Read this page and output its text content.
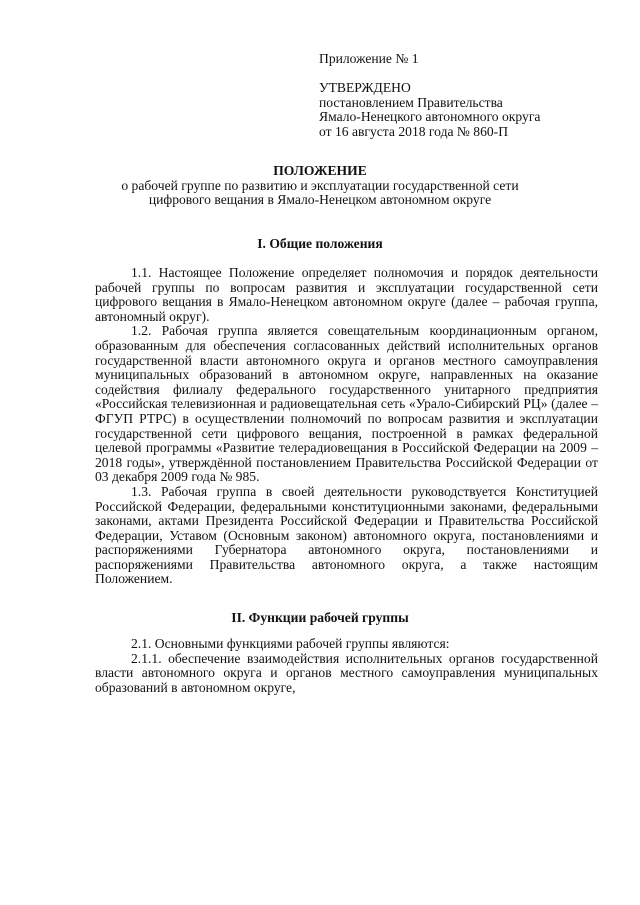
Приложение № 1
УТВЕРЖДЕНО
постановлением Правительства
Ямало-Ненецкого автономного округа
от 16 августа 2018 года № 860-П
ПОЛОЖЕНИЕ
о рабочей группе по развитию и эксплуатации государственной сети
цифрового вещания в Ямало-Ненецком автономном округе
I. Общие положения

1.1. Настоящее Положение определяет полномочия и порядок деятельности рабочей группы по вопросам развития и эксплуатации государственной сети цифрового вещания в Ямало-Ненецком автономном округе (далее – рабочая группа, автономный округ).

1.2. Рабочая группа является совещательным координационным органом, образованным для обеспечения согласованных действий исполнительных органов государственной власти автономного округа и органов местного самоуправления муниципальных образований в автономном округе, направленных на оказание содействия филиалу федерального государственного унитарного предприятия «Российская телевизионная и радиовещательная сеть «Урало-Сибирский РЦ» (далее – ФГУП РТРС) в осуществлении полномочий по вопросам развития и эксплуатации государственной сети цифрового вещания, построенной в рамках федеральной целевой программы «Развитие телерадиовещания в Российской Федерации на 2009 – 2018 годы», утверждённой постановлением Правительства Российской Федерации от 03 декабря 2009 года № 985.

1.3. Рабочая группа в своей деятельности руководствуется Конституцией Российской Федерации, федеральными конституционными законами, федеральными законами, актами Президента Российской Федерации и Правительства Российской Федерации, Уставом (Основным законом) автономного округа, постановлениями и распоряжениями Губернатора автономного округа, постановлениями и распоряжениями Правительства автономного округа, а также настоящим Положением.

II. Функции рабочей группы

2.1. Основными функциями рабочей группы являются:

2.1.1. обеспечение взаимодействия исполнительных органов государственной власти автономного округа и органов местного самоуправления муниципальных образований в автономном округе,
